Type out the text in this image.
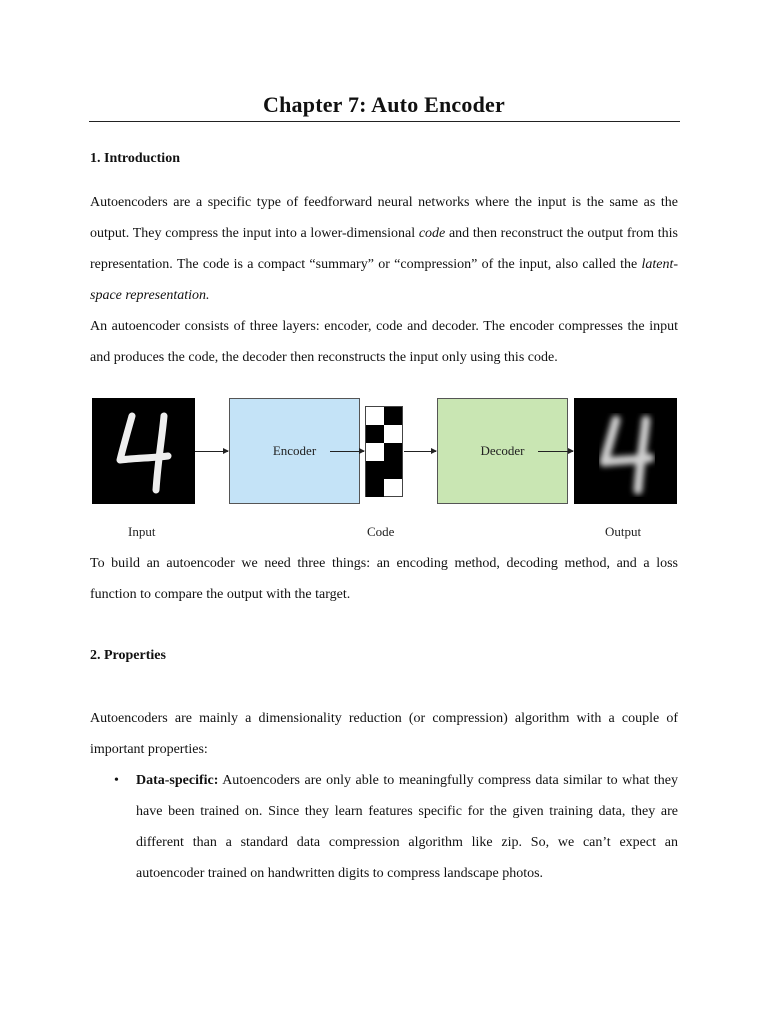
Chapter 7: Auto Encoder
1. Introduction
Autoencoders are a specific type of feedforward neural networks where the input is the same as the output. They compress the input into a lower-dimensional code and then reconstruct the output from this representation. The code is a compact “summary” or “compression” of the input, also called the latent-space representation.
An autoencoder consists of three layers: encoder, code and decoder. The encoder compresses the input and produces the code, the decoder then reconstructs the input only using this code.
Encoder	Decoder
Input	Code	Output
To build an autoencoder we need three things: an encoding method, decoding method, and a loss function to compare the output with the target.
2. Properties
Autoencoders are mainly a dimensionality reduction (or compression) algorithm with a couple of important properties:
• Data-specific: Autoencoders are only able to meaningfully compress data similar to what they have been trained on. Since they learn features specific for the given training data, they are different than a standard data compression algorithm like zip. So, we can’t expect an autoencoder trained on handwritten digits to compress landscape photos.
